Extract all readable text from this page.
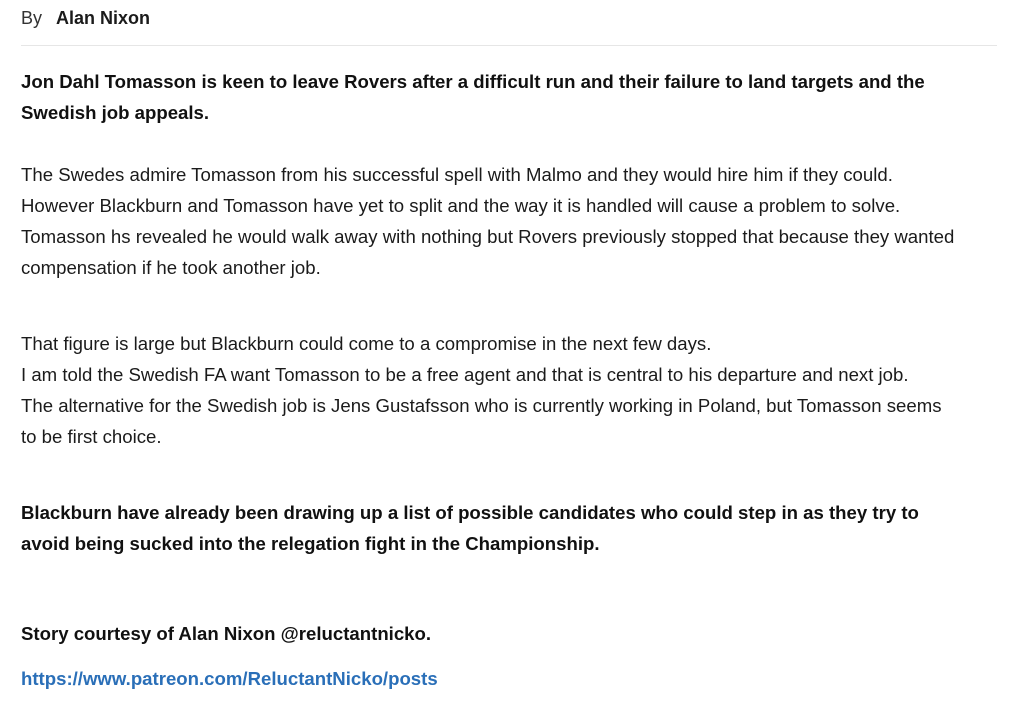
By Alan Nixon

Jon Dahl Tomasson is keen to leave Rovers after a difficult run and their failure to land targets and the
Swedish job appeals.

The Swedes admire Tomasson from his successful spell with Malmo and they would hire him if they could.
However Blackburn and Tomasson have yet to split and the way it is handled will cause a problem to solve.
Tomasson hs revealed he would walk away with nothing but Rovers previously stopped that because they wanted
compensation if he took another job.

That figure is large but Blackburn could come to a compromise in the next few days.
I am told the Swedish FA want Tomasson to be a free agent and that is central to his departure and next job.
The alternative for the Swedish job is Jens Gustafsson who is currently working in Poland, but Tomasson seems
to be first choice.

Blackburn have already been drawing up a list of possible candidates who could step in as they try to
avoid being sucked into the relegation fight in the Championship.

Story courtesy of Alan Nixon @reluctantnicko.

https://www.patreon.com/ReluctantNicko/posts
